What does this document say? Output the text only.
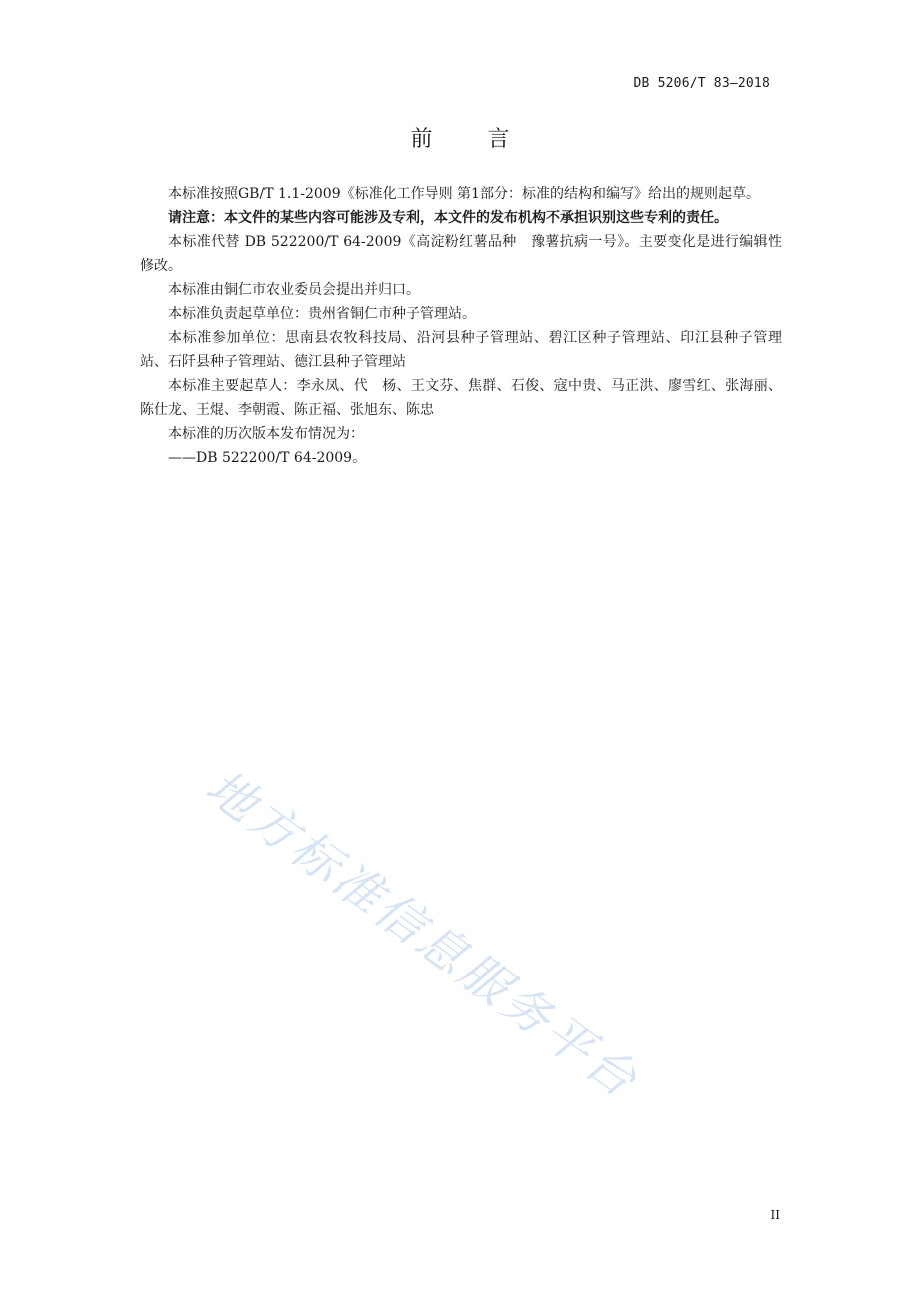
DB 5206/T 83—2018
前 言

本标准按照GB/T 1.1-2009《标准化工作导则 第1部分：标准的结构和编写》给出的规则起草。

请注意：本文件的某些内容可能涉及专利，本文件的发布机构不承担识别这些专利的责任。

本标准代替 DB 522200/T 64-2009《高淀粉红薯品种　豫薯抗病一号》。主要变化是进行编辑性修改。

本标准由铜仁市农业委员会提出并归口。

本标准负责起草单位：贵州省铜仁市种子管理站。

本标准参加单位：思南县农牧科技局、沿河县种子管理站、碧江区种子管理站、印江县种子管理站、石阡县种子管理站、德江县种子管理站

本标准主要起草人：李永凤、代　杨、王文芬、焦群、石俊、寇中贵、马正洪、廖雪红、张海丽、陈仕龙、王焜、李朝霞、陈正福、张旭东、陈忠

本标准的历次版本发布情况为：

——DB 522200/T 64-2009。

地方标准信息服务平台
II
